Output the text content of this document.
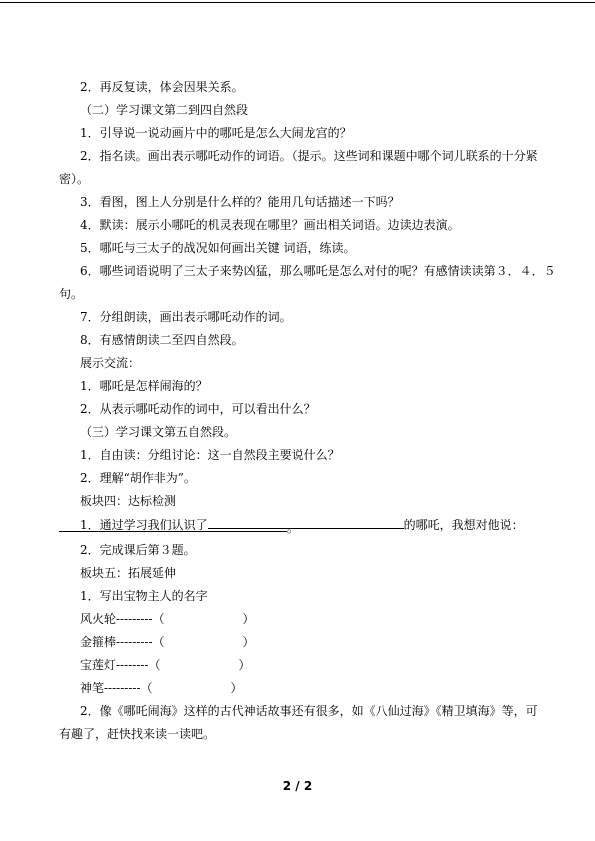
2．再反复读，体会因果关系。
（二）学习课文第二到四自然段
1．引导说一说动画片中的哪吒是怎么大闹龙宫的？
2．指名读。画出表示哪吒动作的词语。（提示。这些词和课题中哪个词儿联系的十分紧
密）。
3．看图，图上人分别是什么样的？能用几句话描述一下吗？
4．默读：展示小哪吒的机灵表现在哪里？画出相关词语。边读边表演。
5．哪吒与三太子的战况如何画出关键 词语，练读。
6．哪些词语说明了三太子来势凶猛，那么哪吒是怎么对付的呢？有感情读读第３．４．５
句。
7．分组朗读，画出表示哪吒动作的词。
8．有感情朗读二至四自然段。
展示交流：
1．哪吒是怎样闹海的？
2．从表示哪吒动作的词中，可以看出什么？
（三）学习课文第五自然段。
1．自由读：分组讨论：这一自然段主要说什么？
2．理解“胡作非为”。
板块四：达标检测
1．通过学习我们认识了	的哪吒，我想对他说：
。
2．完成课后第３题。
板块五：拓展延伸
1．写出宝物主人的名字
风火轮---------（	）
金箍棒---------（	）
宝莲灯--------（	）
神笔---------（	）
2．像《哪吒闹海》这样的古代神话故事还有很多，如《八仙过海》《精卫填海》等，可
有趣了，赶快找来读一读吧。
2 / 2
